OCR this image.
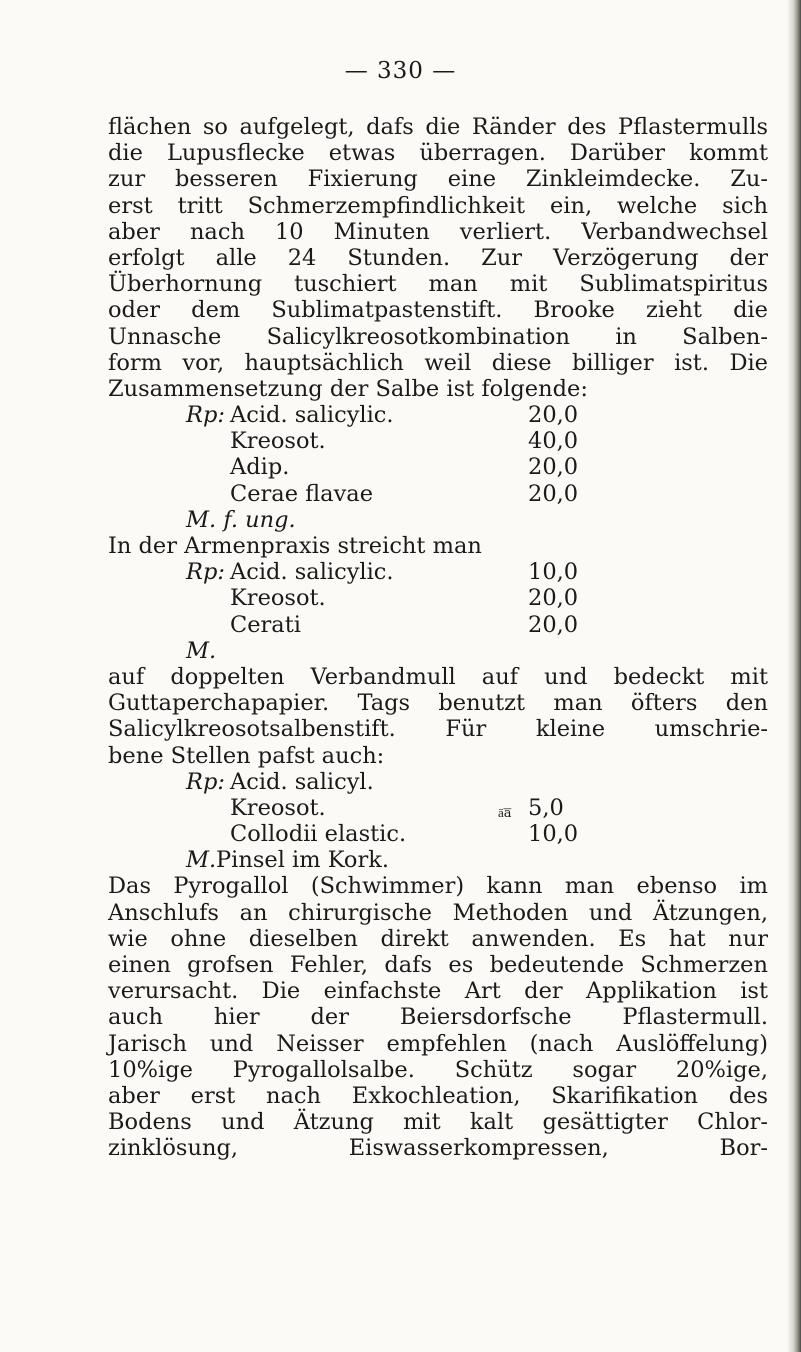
— 330 —
flächen so aufgelegt, dafs die Ränder des Pflastermulls
die Lupusflecke etwas überragen. Darüber kommt
zur besseren Fixierung eine Zinkleimdecke. Zu-
erst tritt Schmerzempfindlichkeit ein, welche sich
aber nach 10 Minuten verliert. Verbandwechsel
erfolgt alle 24 Stunden. Zur Verzögerung der
Überhornung tuschiert man mit Sublimatspiritus
oder dem Sublimatpastenstift. Brooke zieht die
Unnasche Salicylkreosotkombination in Salben-
form vor, hauptsächlich weil diese billiger ist. Die
Zusammensetzung der Salbe ist folgende:
Rp: Acid. salicylic.	20,0
Kreosot.	40,0
Adip.	20,0
Cerae flavae	20,0
M. f. ung.
In der Armenpraxis streicht man
Rp: Acid. salicylic.	10,0
Kreosot.	20,0
Cerati	20,0
M.
auf doppelten Verbandmull auf und bedeckt mit
Guttaperchapapier. Tags benutzt man öfters den
Salicylkreosotsalbenstift. Für kleine umschrie-
bene Stellen pafst auch:
Rp: Acid. salicyl.
Kreosot.	ā͞a 5,0
Collodii elastic.	10,0
M. Pinsel im Kork.
Das Pyrogallol (Schwimmer) kann man ebenso im
Anschlufs an chirurgische Methoden und Ätzungen,
wie ohne dieselben direkt anwenden. Es hat nur
einen grofsen Fehler, dafs es bedeutende Schmerzen
verursacht. Die einfachste Art der Applikation ist
auch hier der Beiersdorfsche Pflastermull.
Jarisch und Neisser empfehlen (nach Auslöffelung)
10%ige Pyrogallolsalbe. Schütz sogar 20%ige,
aber erst nach Exkochleation, Skarifikation des
Bodens und Ätzung mit kalt gesättigter Chlor-
zinklösung, Eiswasserkompressen, Bor-
